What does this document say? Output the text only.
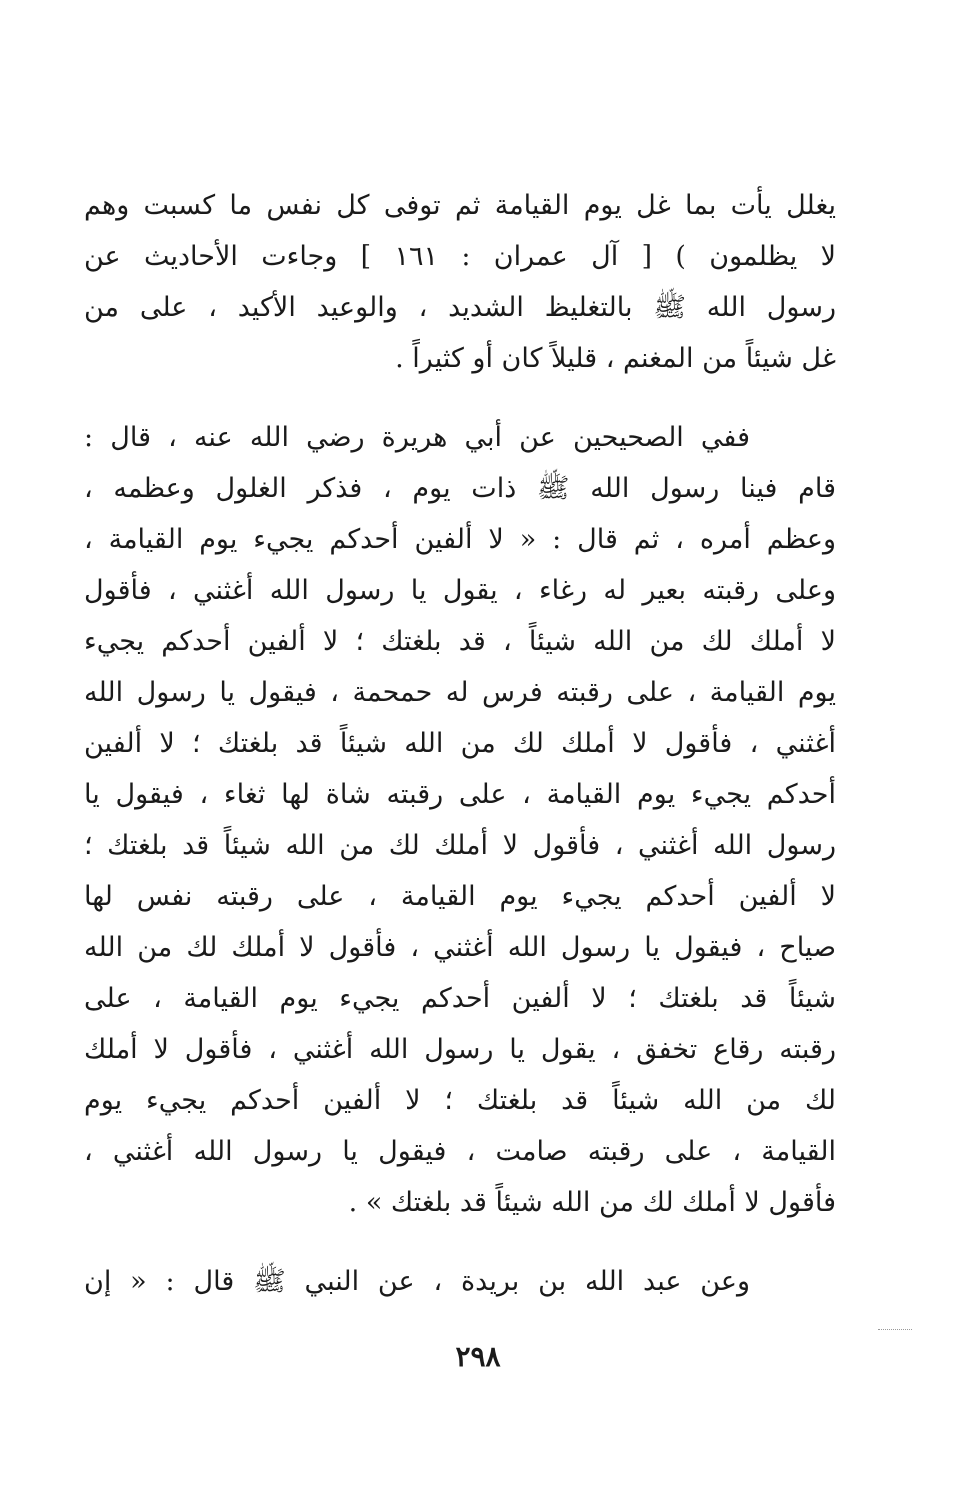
يغلل يأت بما غل يوم القيامة ثم توفى كل نفس ما كسبت وهم
لا يظلمون ) [ آل عمران : ١٦١ ] وجاءت الأحاديث عن
رسول الله ﷺ بالتغليظ الشديد ، والوعيد الأكيد ، على من
غل شيئاً من المغنم ، قليلاً كان أو كثيراً .
ففي الصحيحين عن أبي هريرة رضي الله عنه ، قال :
قام فينا رسول الله ﷺ ذات يوم ، فذكر الغلول وعظمه ،
وعظم أمره ، ثم قال : « لا ألفين أحدكم يجيء يوم القيامة ،
وعلى رقبته بعير له رغاء ، يقول يا رسول الله أغثني ، فأقول
لا أملك لك من الله شيئاً ، قد بلغتك ؛ لا ألفين أحدكم يجيء
يوم القيامة ، على رقبته فرس له حمحمة ، فيقول يا رسول الله
أغثني ، فأقول لا أملك لك من الله شيئاً قد بلغتك ؛ لا ألفين
أحدكم يجيء يوم القيامة ، على رقبته شاة لها ثغاء ، فيقول يا
رسول الله أغثني ، فأقول لا أملك لك من الله شيئاً قد بلغتك ؛
لا ألفين أحدكم يجيء يوم القيامة ، على رقبته نفس لها
صياح ، فيقول يا رسول الله أغثني ، فأقول لا أملك لك من الله
شيئاً قد بلغتك ؛ لا ألفين أحدكم يجيء يوم القيامة ، على
رقبته رقاع تخفق ، يقول يا رسول الله أغثني ، فأقول لا أملك
لك من الله شيئاً قد بلغتك ؛ لا ألفين أحدكم يجيء يوم
القيامة ، على رقبته صامت ، فيقول يا رسول الله أغثني ،
فأقول لا أملك لك من الله شيئاً قد بلغتك » .
وعن عبد الله بن بريدة ، عن النبي ﷺ قال : « إن
٢٩٨
